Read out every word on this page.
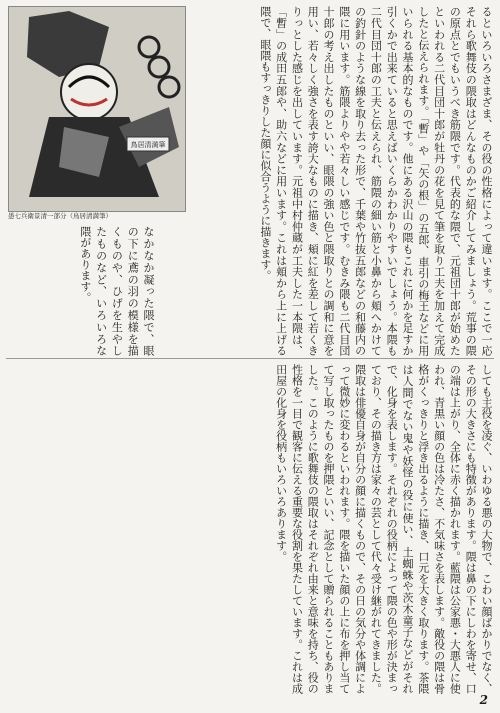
鳥居清満筆
愚七兵衛景清一部分（鳥居清満筆）	るといろいろさまざま、その役の性格によって違います。ここで一応それら歌舞伎の隈取はどんなものかご紹介してみましょう。荒事の隈の原点とでもいうべき筋隈です。代表的な隈で、元祖団十郎が始めたといわれる二代目団十郎が牡丹の花を見て筆を取り工夫を加えて完成したと伝えられます。「暫」や「矢の根」の五郎、車引の梅王などに用いられる基本的なものです。他にある沢山の隈もこれに何かを足すか引くかで出来ていると思えばいくらかわかりやすいでしょう。本隈も二代目団十郎の工夫と伝えられ、筋隈の細い筋と小鼻から頬へかけての釣針のような線を取り去った形で、千葉や竹抜五郎などの和藤内の隈に用います。筋隈よりやや若々しい感じです。むきみ隈も二代目団十郎の考え出したものといい、眼隈の強い色と隈取りとの調和に意を用い、若々しく強さを表す誇大なものに描き、頬に紅を差して若くきりっとした感じを出しています。元祖中村仲蔵が工夫した一本隈は、「暫」の成田五郎や、助六などに用います。これは頬から上に上げる隈で、眼隈もすっきりした顔に似合うように描きます。
なかなか凝った隈で、眼の下に鳶の羽の模様を描くものや、ひげを生やしたものなど、いろいろな隈があります。
しても主役を凌ぐ、いわゆる悪の大物で、こわい顔ばかりでなく、その形の大きさにも特徴があります。隈は鼻の下にしわを寄せ、口の端は上がり、全体に赤く描かれます。藍隈は公家悪・大悪人に使われ、青黒い顔の色は冷たさ、不気味さを表します。敵役の隈は骨格がくっきりと浮き出るように描き、口元を大きく取ります。茶隈は人間でない鬼や妖怪の役に使い、土蜘蛛や茨木童子などがそれで、化身を表します。それぞれの役柄によって隈の色や形が決まっており、その描き方は家々の芸として代々受け継がれてきました。隈取は俳優自身が自分の顔に描くもので、その日の気分や体調によって微妙に変わるといわれます。隈を描いた顔の上に布を押し当てて写し取ったものを押隈といい、記念として贈られることもありました。このように歌舞伎の隈取はそれぞれ由来と意味を持ち、役の性格を一目で観客に伝える重要な役割を果たしています。これは成田屋の化身を役柄もいろいろあります。
2
